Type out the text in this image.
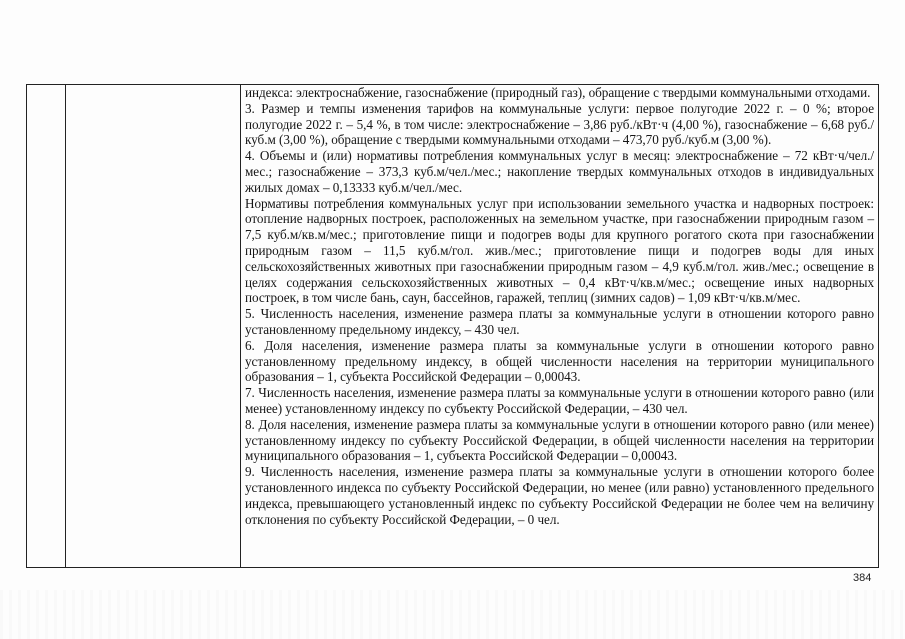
индекса: электроснабжение, газоснабжение (природный газ), обращение с твердыми коммунальными отходами.

3. Размер и темпы изменения тарифов на коммунальные услуги: первое полугодие 2022 г. – 0 %; второе полугодие 2022 г. – 5,4 %, в том числе: электроснабжение – 3,86 руб./кВт·ч (4,00 %), газоснабжение – 6,68 руб./куб.м (3,00 %), обращение с твердыми коммунальными отходами – 473,70 руб./куб.м (3,00 %).

4. Объемы и (или) нормативы потребления коммунальных услуг в месяц: электроснабжение – 72 кВт·ч/чел./мес.; газоснабжение – 373,3 куб.м/чел./мес.; накопление твердых коммунальных отходов в индивидуальных жилых домах – 0,13333 куб.м/чел./мес.

Нормативы потребления коммунальных услуг при использовании земельного участка и надворных построек: отопление надворных построек, расположенных на земельном участке, при газоснабжении природным газом – 7,5 куб.м/кв.м/мес.; приготовление пищи и подогрев воды для крупного рогатого скота при газоснабжении природным газом – 11,5 куб.м/гол. жив./мес.; приготовление пищи и подогрев воды для иных сельскохозяйственных животных при газоснабжении природным газом – 4,9 куб.м/гол. жив./мес.; освещение в целях содержания сельскохозяйственных животных – 0,4 кВт·ч/кв.м/мес.; освещение иных надворных построек, в том числе бань, саун, бассейнов, гаражей, теплиц (зимних садов) – 1,09 кВт·ч/кв.м/мес.

5. Численность населения, изменение размера платы за коммунальные услуги в отношении которого равно установленному предельному индексу, – 430 чел.

6. Доля населения, изменение размера платы за коммунальные услуги в отношении которого равно установленному предельному индексу, в общей численности населения на территории муниципального образования – 1, субъекта Российской Федерации – 0,00043.

7. Численность населения, изменение размера платы за коммунальные услуги в отношении которого равно (или менее) установленному индексу по субъекту Российской Федерации, – 430 чел.

8. Доля населения, изменение размера платы за коммунальные услуги в отношении которого равно (или менее) установленному индексу по субъекту Российской Федерации, в общей численности населения на территории муниципального образования – 1, субъекта Российской Федерации – 0,00043.

9. Численность населения, изменение размера платы за коммунальные услуги в отношении которого более установленного индекса по субъекту Российской Федерации, но менее (или равно) установленного предельного индекса, превышающего установленный индекс по субъекту Российской Федерации не более чем на величину отклонения по субъекту Российской Федерации, – 0 чел.

384
